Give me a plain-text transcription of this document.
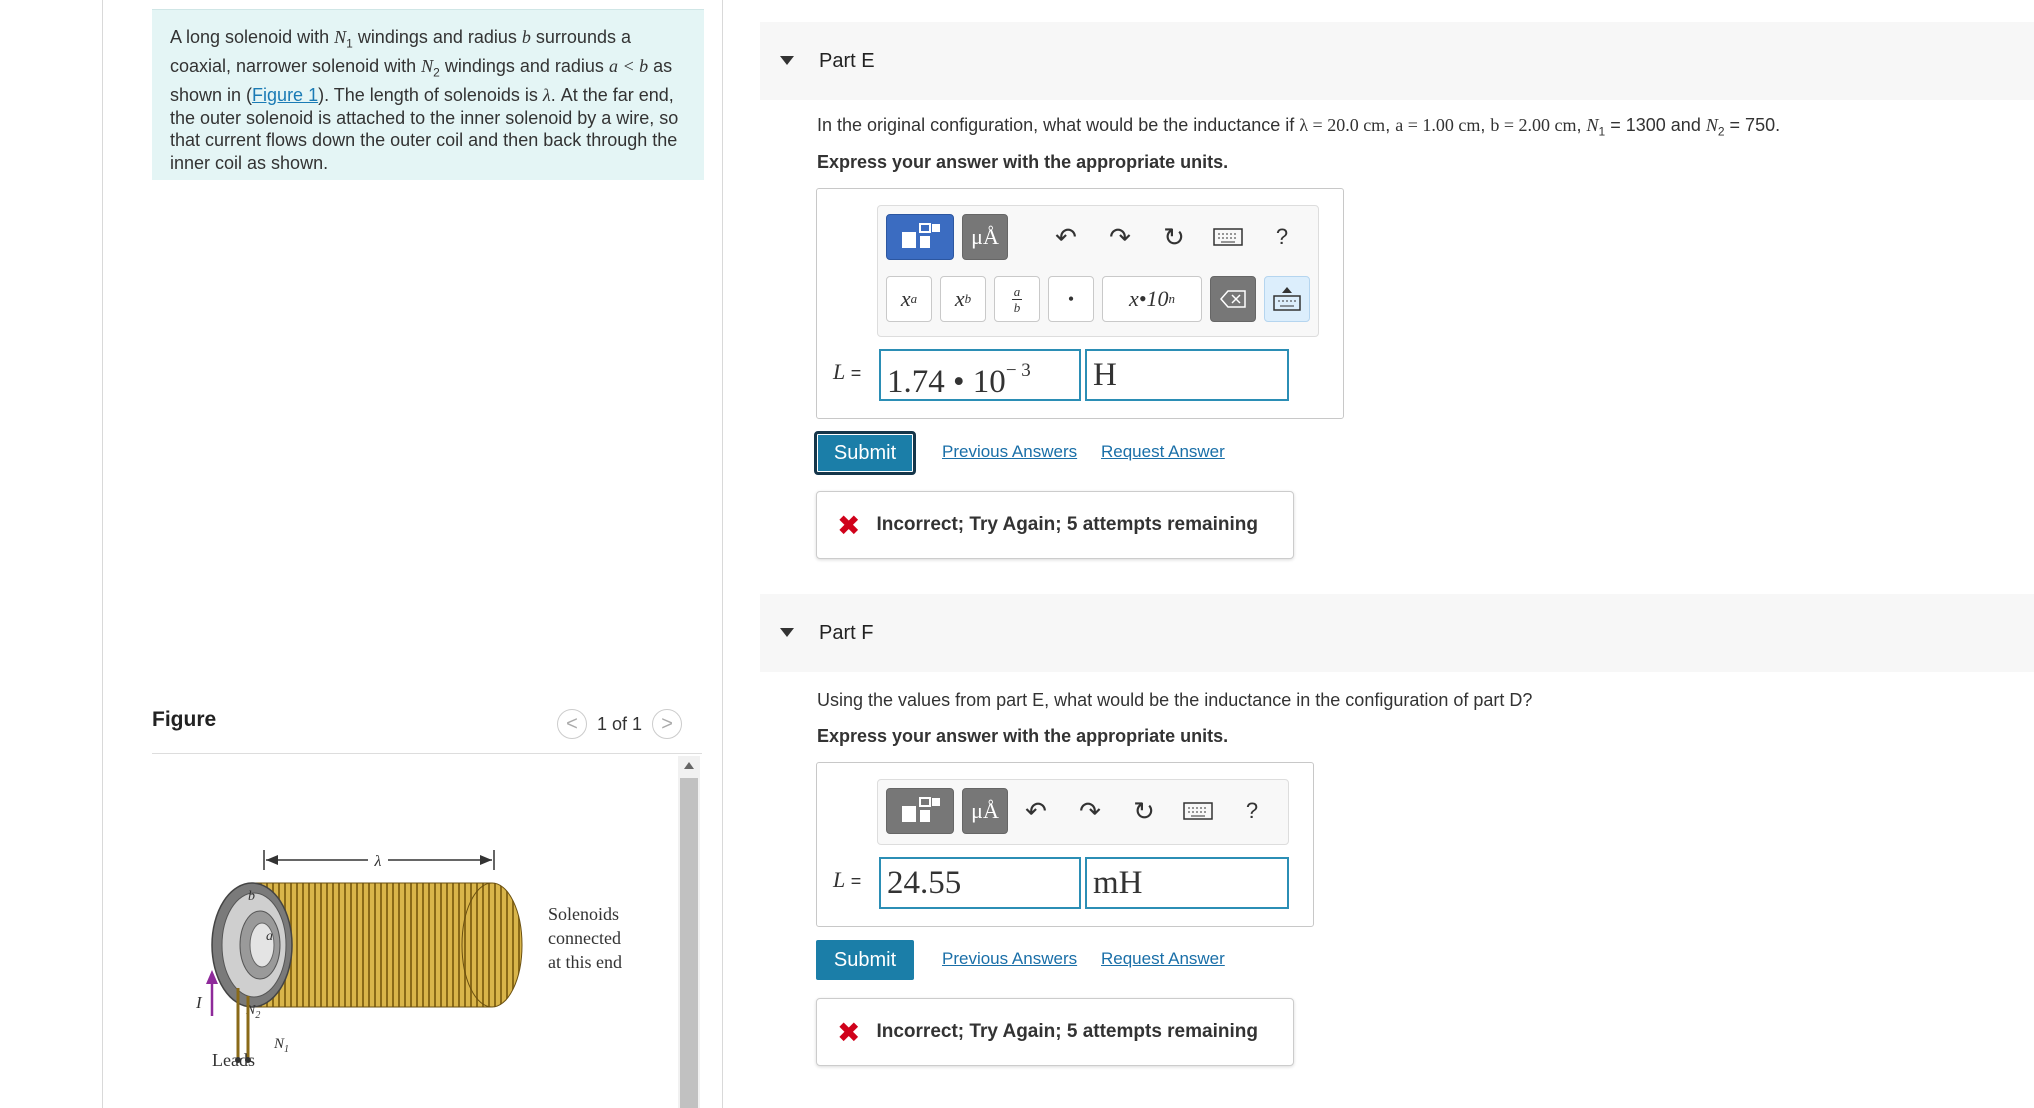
A long solenoid with $N_1$ windings and radius b surrounds a coaxial, narrower solenoid with $N_2$ windings and radius a < b as shown in (Figure 1). The length of solenoids is λ. At the far end, the outer solenoid is attached to the inner solenoid by a wire, so that current flows down the outer coil and then back through the inner coil as shown.
Figure	< 1 of 1 >
λ
b
a
$N_2$
$N_1$
I
Leads
Solenoids
connected
at this end
Part E
In the original configuration, what would be the inductance if λ = 20.0 cm, a = 1.00 cm, b = 2.00 cm, $N_1 = 1300$ and $N_2 = 750$.
Express your answer with the appropriate units.
μÅ ↶ ↷ ↻	?
x a x b	a
b	• x•10 n
L = 1.74 • $10^{- 3}$	H
Submit	Previous Answers Request Answer
✖ Incorrect; Try Again; 5 attempts remaining
Part F
Using the values from part E, what would be the inductance in the configuration of part D?
Express your answer with the appropriate units.
μÅ ↶ ↷ ↻	?
L = 24.55	mH
Submit	Previous Answers Request Answer
✖ Incorrect; Try Again; 5 attempts remaining
